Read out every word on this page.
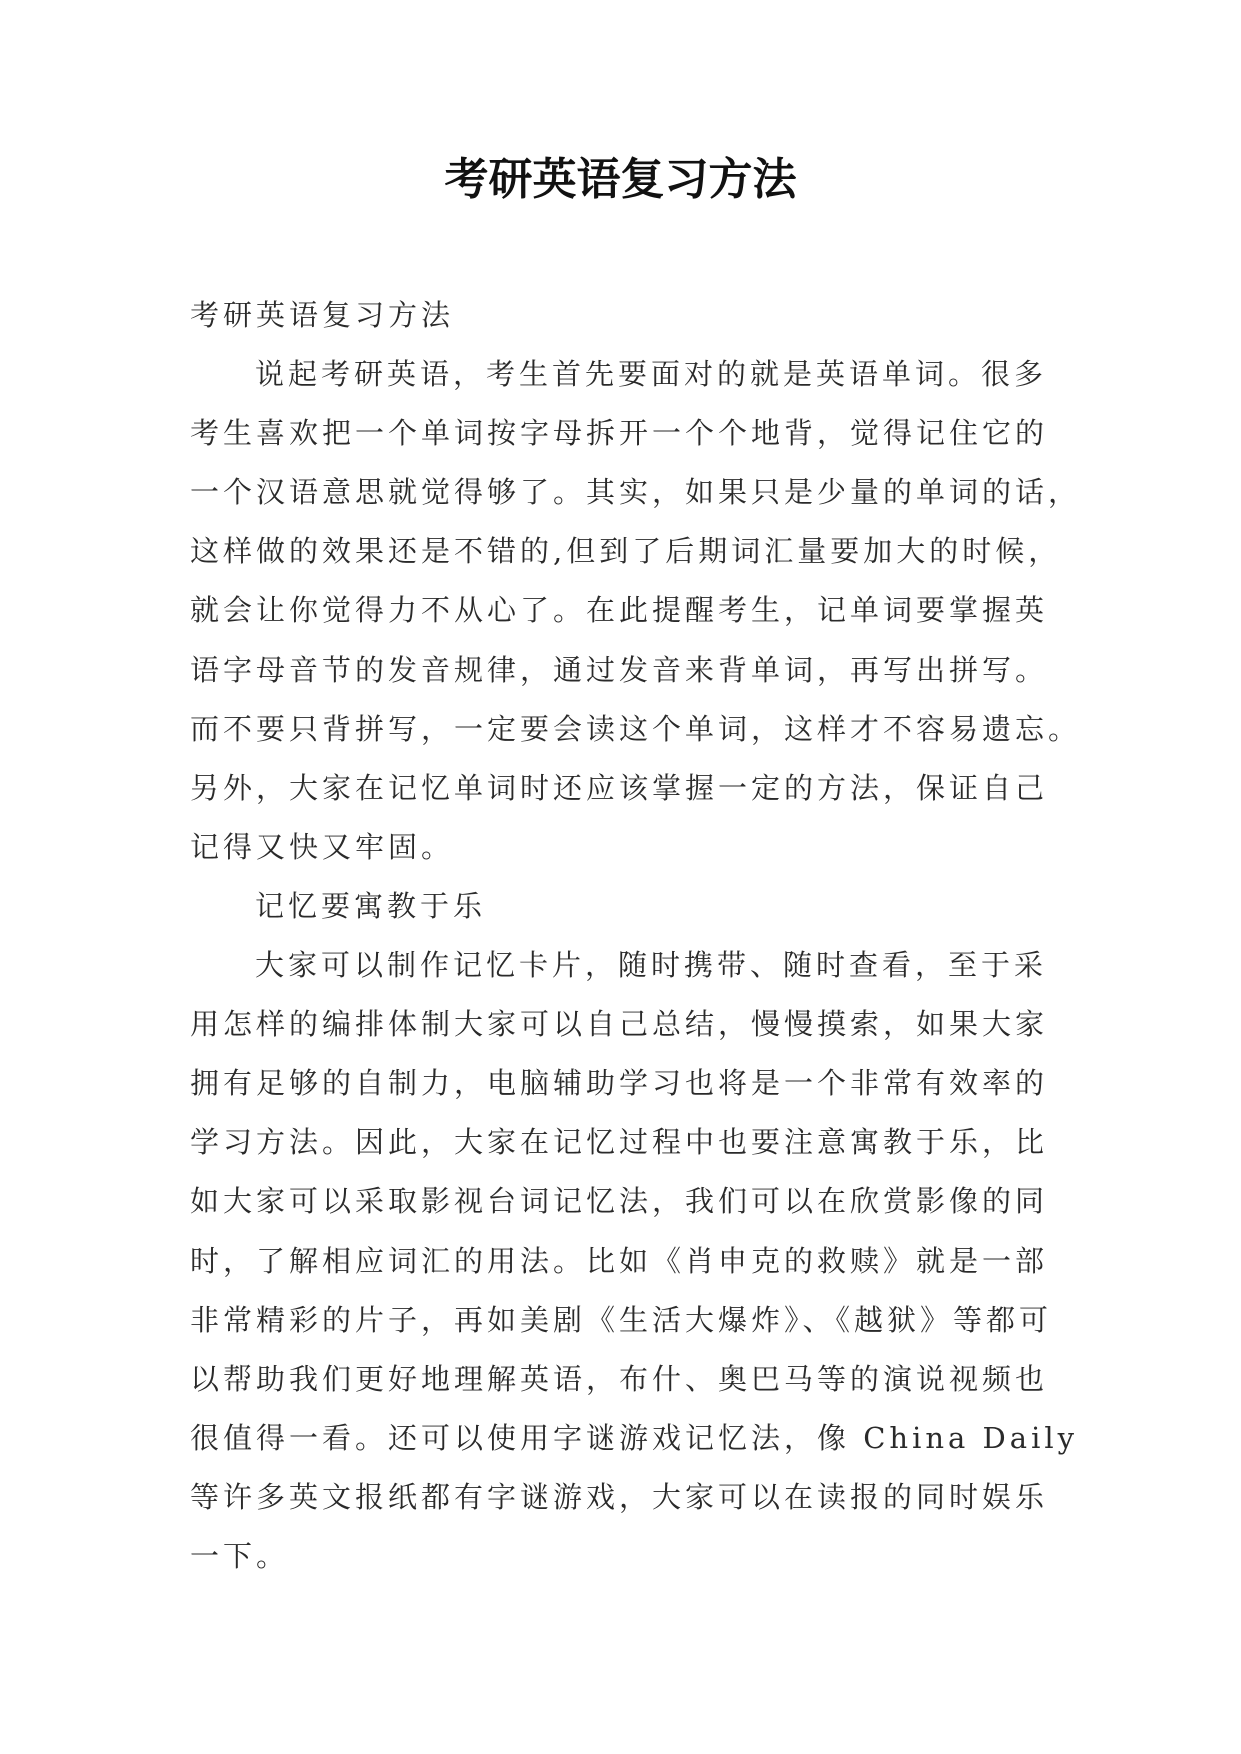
考研英语复习方法
考研英语复习方法
说起考研英语，考生首先要面对的就是英语单词。很多
考生喜欢把一个单词按字母拆开一个个地背，觉得记住它的
一个汉语意思就觉得够了。其实，如果只是少量的单词的话，
这样做的效果还是不错的,但到了后期词汇量要加大的时候，
就会让你觉得力不从心了。在此提醒考生，记单词要掌握英
语字母音节的发音规律，通过发音来背单词，再写出拼写。
而不要只背拼写，一定要会读这个单词，这样才不容易遗忘。
另外，大家在记忆单词时还应该掌握一定的方法，保证自己
记得又快又牢固。
记忆要寓教于乐
大家可以制作记忆卡片，随时携带、随时查看，至于采
用怎样的编排体制大家可以自己总结，慢慢摸索，如果大家
拥有足够的自制力，电脑辅助学习也将是一个非常有效率的
学习方法。因此，大家在记忆过程中也要注意寓教于乐，比
如大家可以采取影视台词记忆法，我们可以在欣赏影像的同
时，了解相应词汇的用法。比如《肖申克的救赎》就是一部
非常精彩的片子，再如美剧《生活大爆炸》、《越狱》等都可
以帮助我们更好地理解英语，布什、奥巴马等的演说视频也
很值得一看。还可以使用字谜游戏记忆法，像 China Daily
等许多英文报纸都有字谜游戏，大家可以在读报的同时娱乐
一下。
